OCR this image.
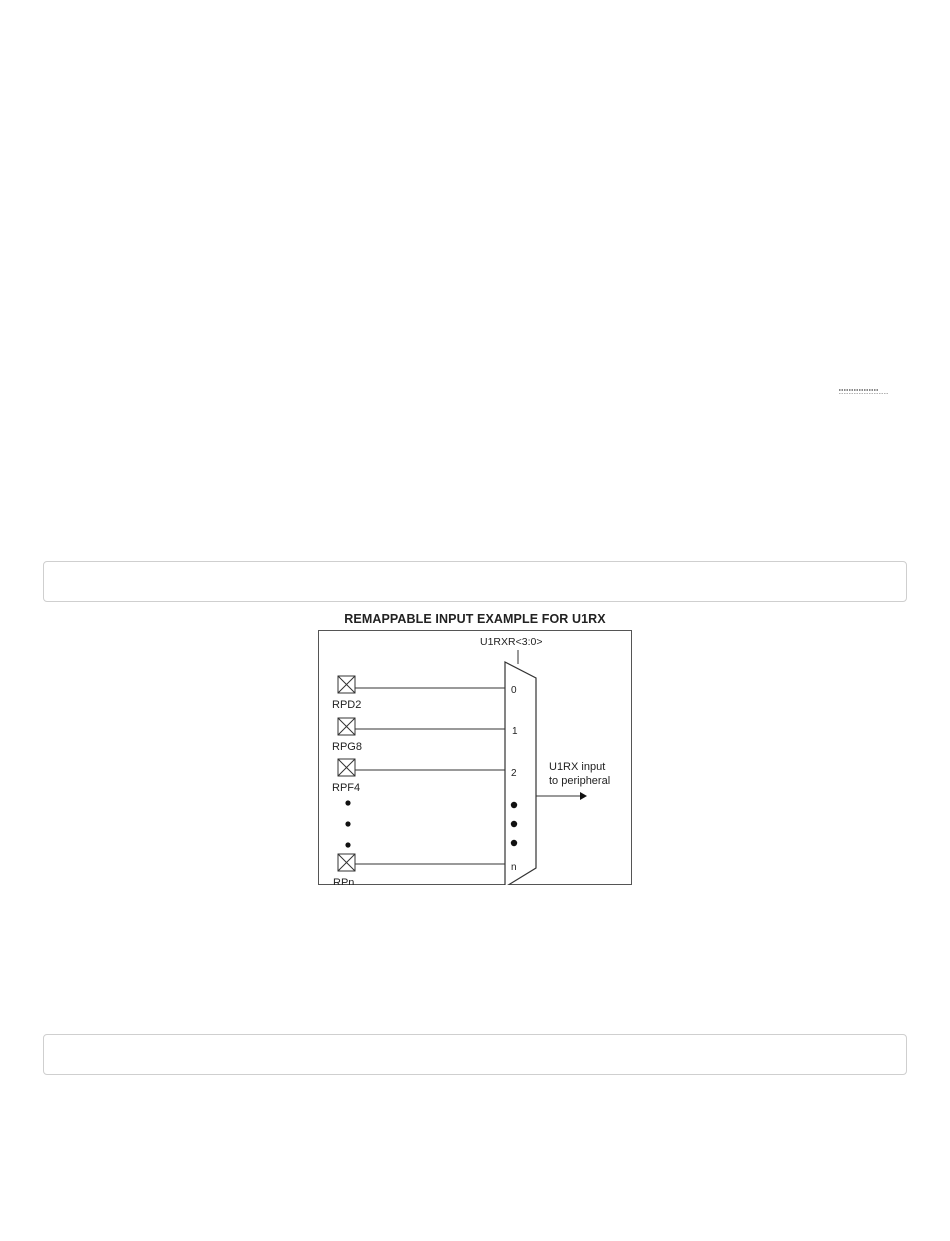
REMAPPABLE INPUT EXAMPLE FOR U1RX
U1RXR<3:0>
0
1
2
n
RPD2
RPG8
RPF4
RPn
U1RX input
to peripheral
